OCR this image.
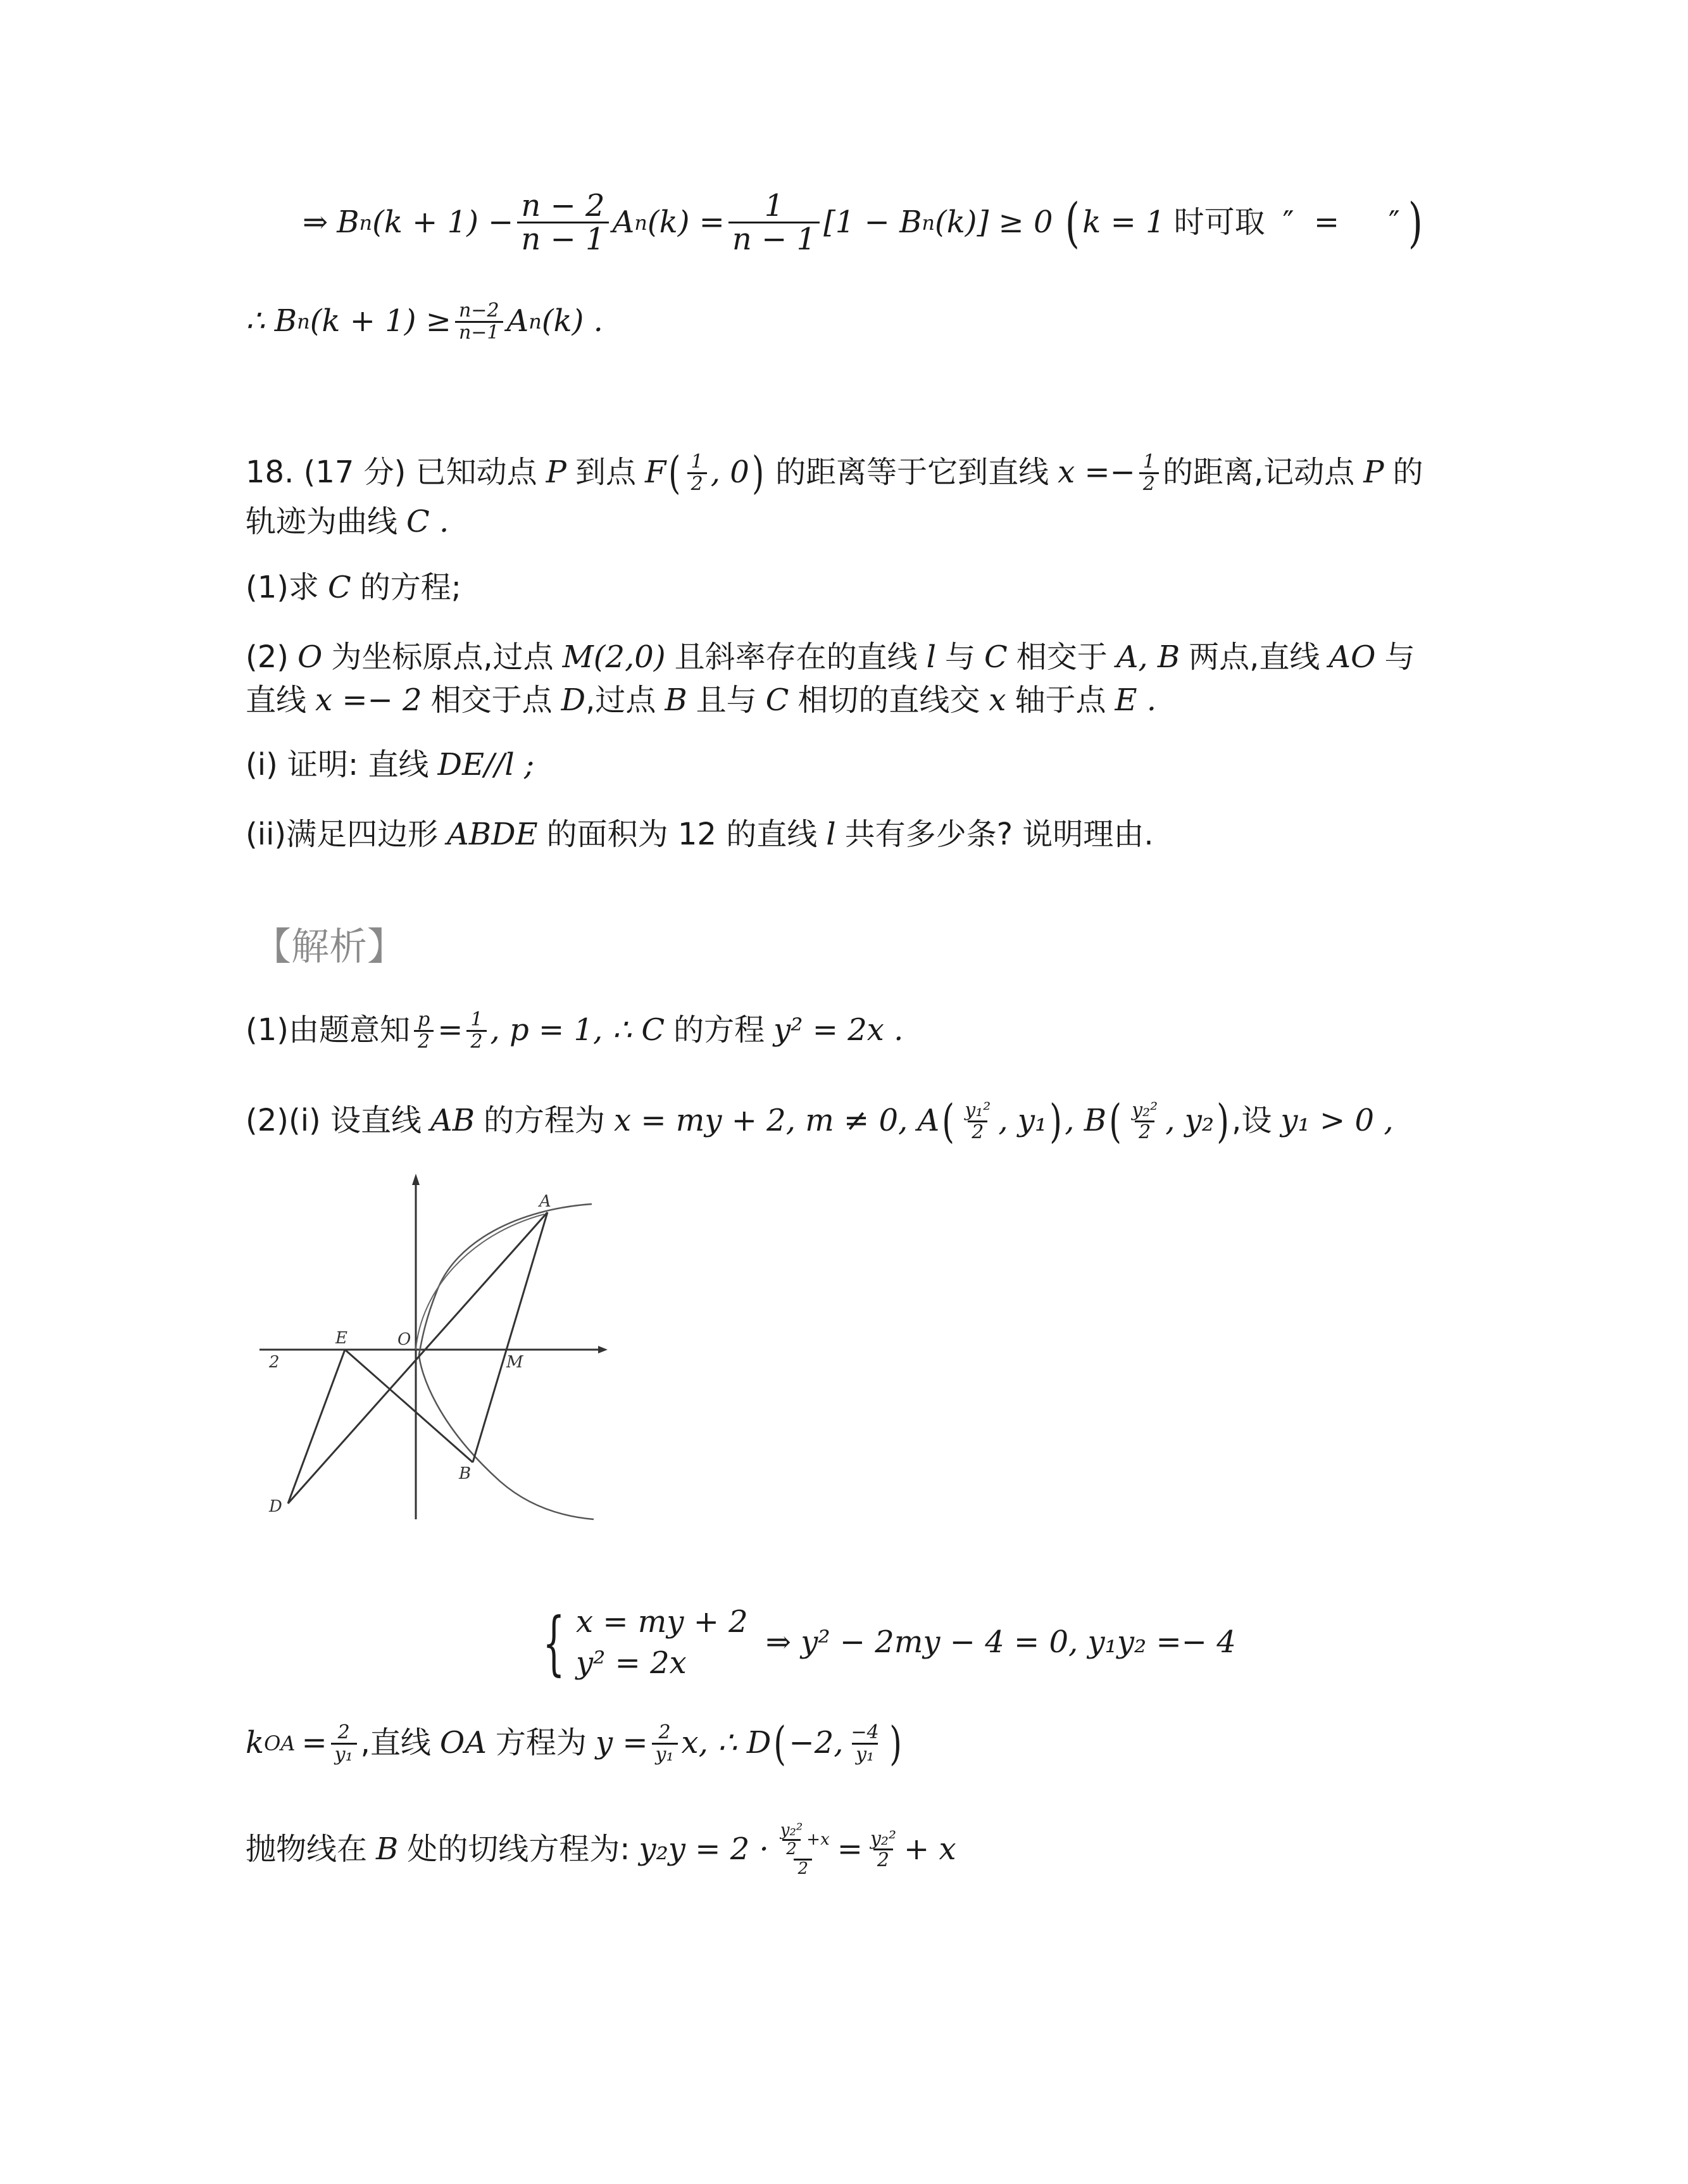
⇒ B n $(k + 1) - \frac{n - 2}{n - 1}$ A n $(k) = \frac{1}{n - 1} [1 - B$ n (k)] ≥ 0 ( k = 1 时可取 ″ =   ″ )
∴ B n $(k + 1) \ge \frac{n-2}{n-1}$ A n (k) .
18. (17 分) 已知动点 P 到点 F ( $\frac{1}{2}$ , 0 ) 的距离等于它到直线 $x =- \frac{1}{2}$ 的距离,记动点 P 的
轨迹为曲线 C .
(1)求 C 的方程;
(2) O 为坐标原点,过点 M(2,0) 且斜率存在的直线 l 与 C 相交于 A, B 两点,直线 AO 与
直线 x =− 2 相交于点 D ,过点 B 且与 C 相切的直线交 x 轴于点 E .
(i) 证明: 直线 DE//l ;
(ii)满足四边形 ABDE 的面积为 12 的直线 l 共有多少条? 说明理由.
【解析】
(1)由题意知 $\frac{p}{2} = \frac{1}{2}$ , p = 1, ∴ C 的方程 y² = 2x .
(2)(i) 设直线 AB 的方程为 x = my + 2, m ≠ 0, A ( $\frac{\text{y₁²}}{2}$ , y₁ ) , B ( $\frac{\text{y₂²}}{2}$ , y₂ ) ,设 y₁ > 0 ,
A
E	O
M
2
B
D
{ x = my + 2
y² = 2x
⇒ y² − 2my − 4 = 0, y₁y₂ =− 4
k OA = $\frac{2}{\text{y₁}}$ ,直线 OA 方程为 $y = \frac{2}{\text{y₁}} x$, ∴ D ( −2, $\frac{-4}{\text{y₁}}$ )
抛物线在 B 处的切线方程为: $y_2y = 2 \cdot \frac{\frac{\text{y₂²}}{2} +x}{2} = \frac{\text{y₂²}}{2} + x$
